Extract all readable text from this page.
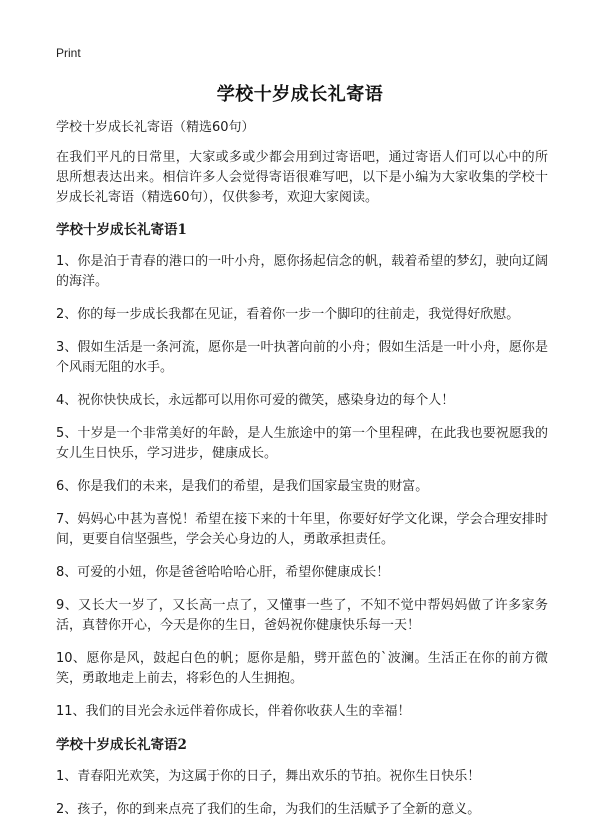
Print
学校十岁成长礼寄语
学校十岁成长礼寄语（精选60句）

在我们平凡的日常里，大家或多或少都会用到过寄语吧，通过寄语人们可以心中的所思所想表达出来。相信许多人会觉得寄语很难写吧，以下是小编为大家收集的学校十岁成长礼寄语（精选60句），仅供参考，欢迎大家阅读。

学校十岁成长礼寄语1

1、你是泊于青春的港口的一叶小舟，愿你扬起信念的帆，载着希望的梦幻，驶向辽阔的海洋。

2、你的每一步成长我都在见证，看着你一步一个脚印的往前走，我觉得好欣慰。

3、假如生活是一条河流，愿你是一叶执著向前的小舟；假如生活是一叶小舟，愿你是个风雨无阻的水手。

4、祝你快快成长，永远都可以用你可爱的微笑，感染身边的每个人！

5、十岁是一个非常美好的年龄，是人生旅途中的第一个里程碑，在此我也要祝愿我的女儿生日快乐，学习进步，健康成长。

6、你是我们的未来，是我们的希望，是我们国家最宝贵的财富。

7、妈妈心中甚为喜悦！希望在接下来的十年里，你要好好学文化课，学会合理安排时间，更要自信坚强些，学会关心身边的人，勇敢承担责任。

8、可爱的小妞，你是爸爸哈哈哈心肝，希望你健康成长！

9、又长大一岁了，又长高一点了，又懂事一些了，不知不觉中帮妈妈做了许多家务活，真替你开心，今天是你的生日，爸妈祝你健康快乐每一天！

10、愿你是风，鼓起白色的帆；愿你是船，劈开蓝色的`波澜。生活正在你的前方微笑，勇敢地走上前去，将彩色的人生拥抱。

11、我们的目光会永远伴着你成长，伴着你收获人生的幸福！

学校十岁成长礼寄语2

1、青春阳光欢笑，为这属于你的日子，舞出欢乐的节拍。祝你生日快乐！

2、孩子，你的到来点亮了我们的生命，为我们的生活赋予了全新的意义。
